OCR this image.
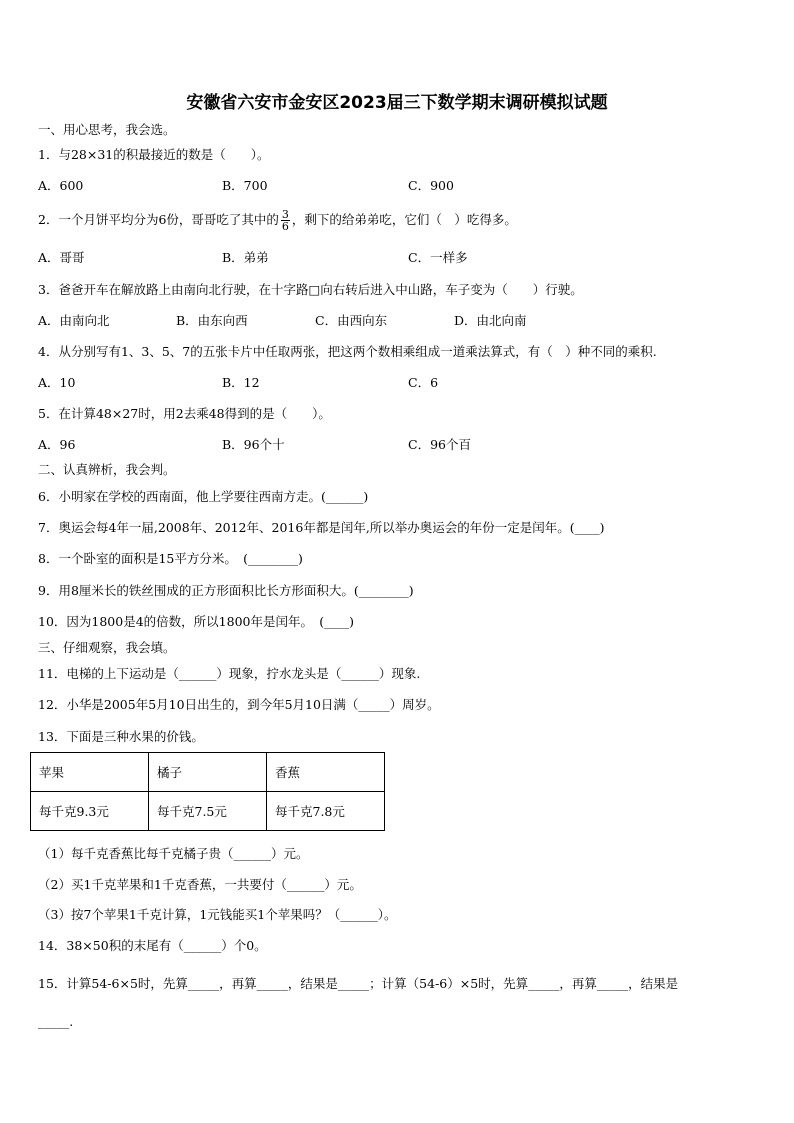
安徽省六安市金安区2023届三下数学期末调研模拟试题
一、用心思考，我会选。
1．与28×31的积最接近的数是（　　）。
A．600	B．700	C．900
2．一个月饼平均分为6份，哥哥吃了其中的 $\frac{3}{6}$ ，剩下的给弟弟吃，它们（　）吃得多。
A．哥哥	B．弟弟	C．一样多
3．爸爸开车在解放路上由南向北行驶，在十字路□向右转后进入中山路，车子变为（　　）行驶。
A．由南向北	B．由东向西	C．由西向东	D．由北向南
4．从分别写有1、3、5、7的五张卡片中任取两张，把这两个数相乘组成一道乘法算式，有（　）种不同的乘积.
A．10	B．12	C．6
5．在计算48×27时，用2去乘48得到的是（　　）。
A．96	B．96个十	C．96个百
二、认真辨析，我会判。
6．小明家在学校的西南面，他上学要往西南方走。(______)
7．奥运会每4年一届,2008年、2012年、2016年都是闰年,所以举办奥运会的年份一定是闰年。(____)
8．一个卧室的面积是15平方分米。　(________)
9．用8厘米长的铁丝围成的正方形面积比长方形面积大。(________)
10．因为1800是4的倍数，所以1800年是闰年。　(____)
三、仔细观察，我会填。
11．电梯的上下运动是（______）现象，拧水龙头是（______）现象.
12．小华是2005年5月10日出生的，到今年5月10日满（_____）周岁。
13．下面是三种水果的价钱。
苹果	橘子	香蕉
每千克9.3元	每千克7.5元	每千克7.8元
（1）每千克香蕉比每千克橘子贵（______）元。
（2）买1千克苹果和1千克香蕉，一共要付（______）元。
（3）按7个苹果1千克计算，1元钱能买1个苹果吗？（______）。
14．38×50积的末尾有（______）个0。
15．计算54-6×5时，先算_____，再算_____，结果是_____；计算（54-6）×5时，先算_____，再算_____，结果是
_____.
